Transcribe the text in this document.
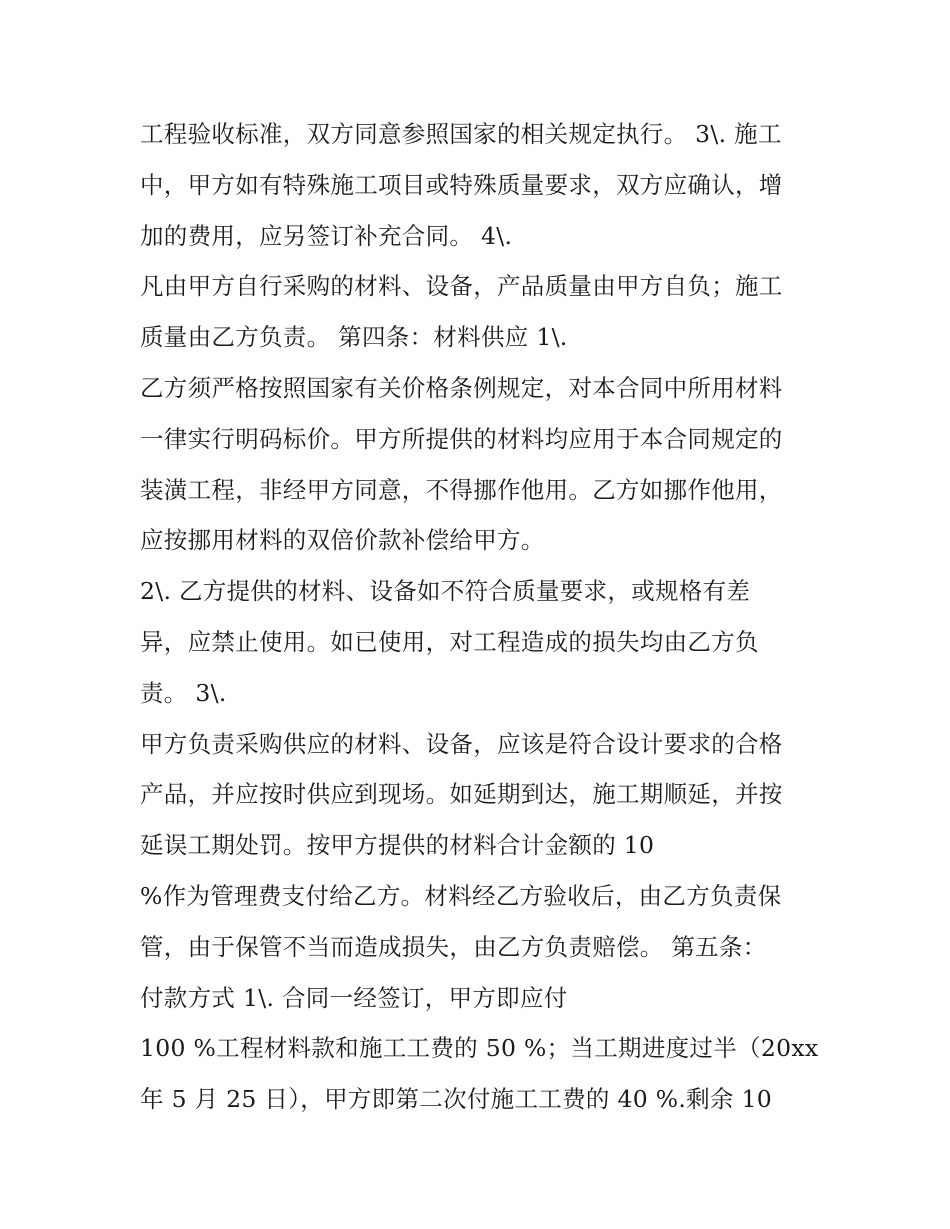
工程验收标准，双方同意参照国家的相关规定执行。 3\. 施工
中，甲方如有特殊施工项目或特殊质量要求，双方应确认，增
加的费用，应另签订补充合同。 4\.
凡由甲方自行采购的材料、设备，产品质量由甲方自负；施工
质量由乙方负责。 第四条：材料供应 1\.
乙方须严格按照国家有关价格条例规定，对本合同中所用材料
一律实行明码标价。甲方所提供的材料均应用于本合同规定的
装潢工程，非经甲方同意，不得挪作他用。乙方如挪作他用，
应按挪用材料的双倍价款补偿给甲方。
2\. 乙方提供的材料、设备如不符合质量要求，或规格有差
异，应禁止使用。如已使用，对工程造成的损失均由乙方负
责。 3\.
甲方负责采购供应的材料、设备，应该是符合设计要求的合格
产品，并应按时供应到现场。如延期到达，施工期顺延，并按
延误工期处罚。按甲方提供的材料合计金额的 10
%作为管理费支付给乙方。材料经乙方验收后，由乙方负责保
管，由于保管不当而造成损失，由乙方负责赔偿。 第五条：
付款方式 1\. 合同一经签订，甲方即应付
100 %工程材料款和施工工费的 50 %；当工期进度过半（20xx
年 5 月 25 日），甲方即第二次付施工工费的 40 %.剩余 10
